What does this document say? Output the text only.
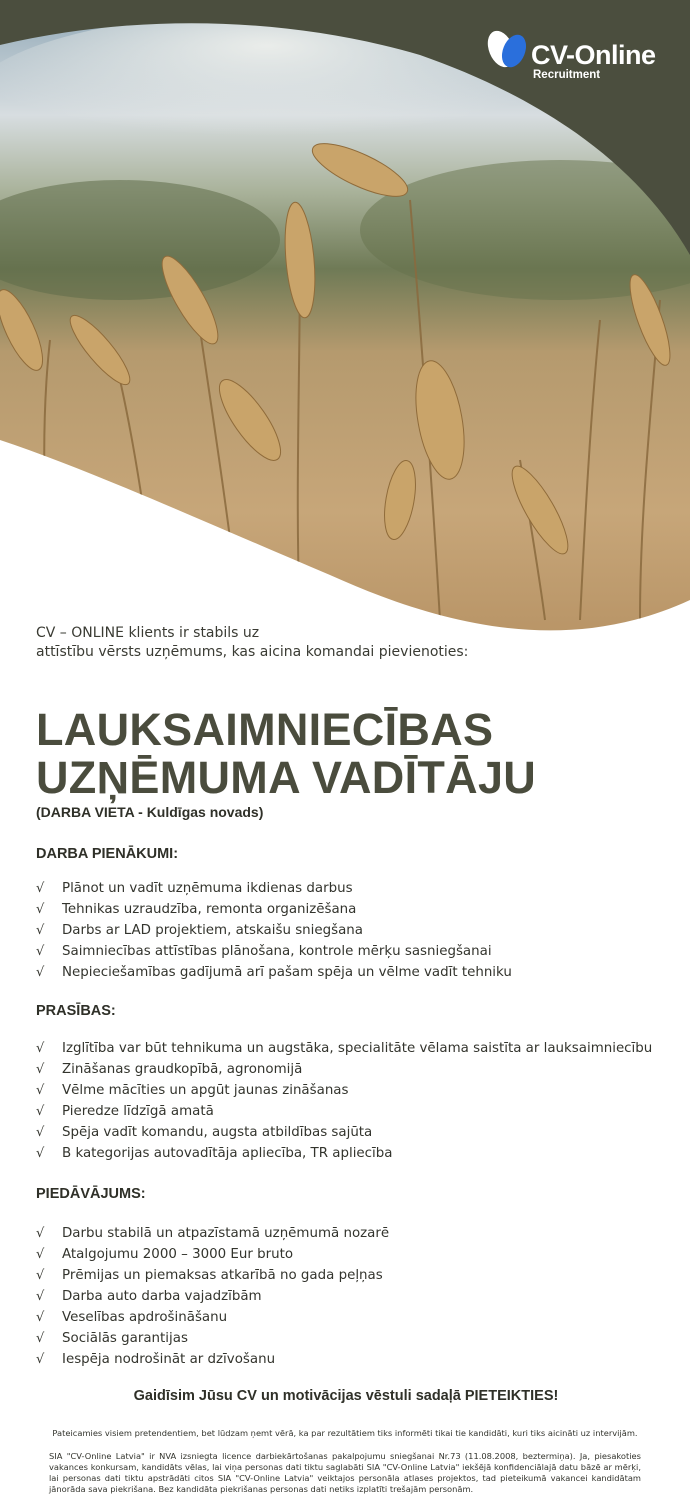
CV-Online
Recruitment

CV – ONLINE klients ir stabils uz
attīstību vērsts uzņēmums, kas aicina komandai pievienoties:

LAUKSAIMNIECĪBAS
UZŅĒMUMA VADĪTĀJU

(DARBA VIETA - Kuldīgas novads)

DARBA PIENĀKUMI:
√ Plānot un vadīt uzņēmuma ikdienas darbus
√ Tehnikas uzraudzība, remonta organizēšana
√ Darbs ar LAD projektiem, atskaišu sniegšana
√ Saimniecības attīstības plānošana, kontrole mērķu sasniegšanai
√ Nepieciešamības gadījumā arī pašam spēja un vēlme vadīt tehniku
PRASĪBAS:
√ Izglītība var būt tehnikuma un augstāka, specialitāte vēlama saistīta ar lauksaimniecību
√ Zināšanas graudkopībā, agronomijā
√ Vēlme mācīties un apgūt jaunas zināšanas
√ Pieredze līdzīgā amatā
√ Spēja vadīt komandu, augsta atbildības sajūta
√ B kategorijas autovadītāja apliecība, TR apliecība
PIEDĀVĀJUMS:
√ Darbu stabilā un atpazīstamā uzņēmumā nozarē
√ Atalgojumu 2000 – 3000 Eur bruto
√ Prēmijas un piemaksas atkarībā no gada peļņas
√ Darba auto darba vajadzībām
√ Veselības apdrošināšanu
√ Sociālās garantijas
√ Iespēja nodrošināt ar dzīvošanu

Gaidīsim Jūsu CV un motivācijas vēstuli sadaļā PIETEIKTIES!

Pateicamies visiem pretendentiem, bet lūdzam ņemt vērā, ka par rezultātiem tiks informēti tikai tie kandidāti, kuri tiks aicināti uz intervijām.

SIA "CV-Online Latvia" ir NVA izsniegta licence darbiekārtošanas pakalpojumu sniegšanai Nr.73 (11.08.2008, beztermiņa). Ja, piesakoties vakances konkursam, kandidāts vēlas, lai viņa personas dati tiktu saglabāti SIA "CV-Online Latvia" iekšējā konfidenciālajā datu bāzē ar mērķi, lai personas dati tiktu apstrādāti citos SIA "CV-Online Latvia" veiktajos personāla atlases projektos, tad pieteikumā vakancei kandidātam jānorāda sava piekrišana. Bez kandidāta piekrišanas personas dati netiks izplatīti trešajām personām.
